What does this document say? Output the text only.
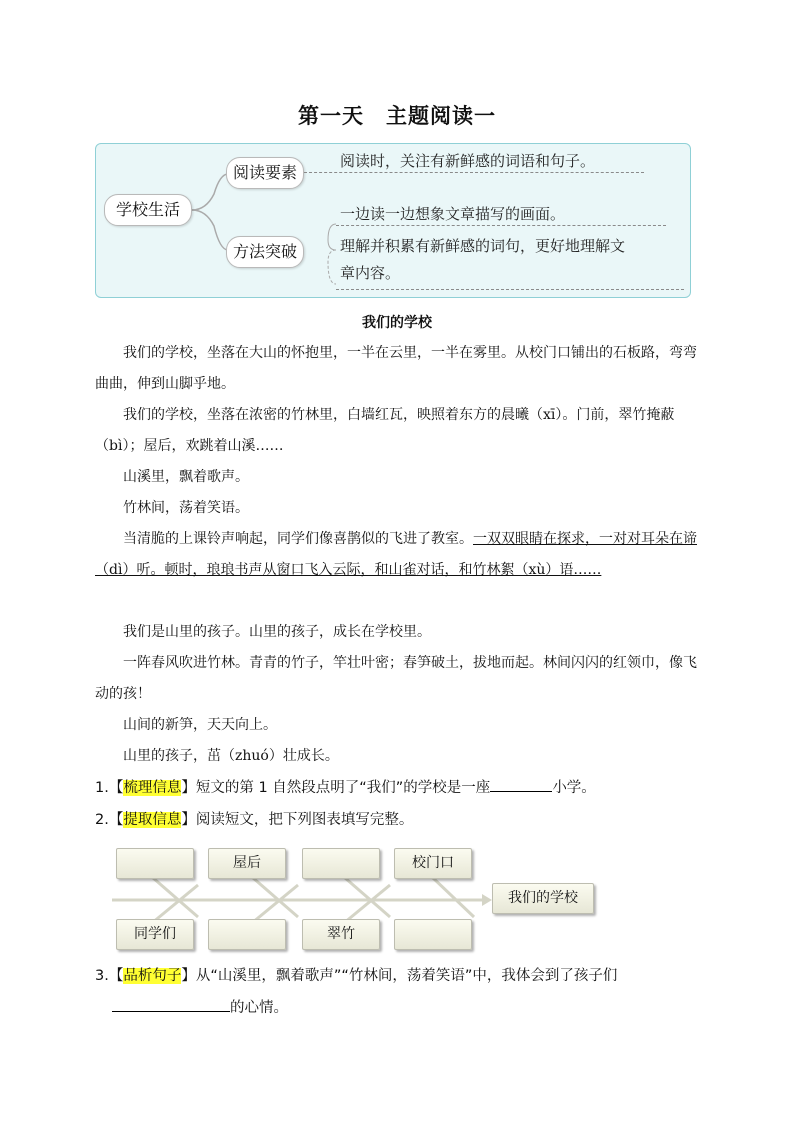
第一天　主题阅读一
学校生活
阅读要素
方法突破
阅读时，关注有新鲜感的词语和句子。
一边读一边想象文章描写的画面。
理解并积累有新鲜感的词句，更好地理解文
章内容。
我们的学校

我们的学校，坐落在大山的怀抱里，一半在云里，一半在雾里。从校门口铺出的石板路，弯弯曲曲，伸到山脚乎地。

我们的学校，坐落在浓密的竹林里，白墙红瓦，映照着东方的晨曦（xī）。门前，翠竹掩蔽（bì）；屋后，欢跳着山溪……

山溪里，飘着歌声。

竹林间，荡着笑语。

当清脆的上课铃声响起，同学们像喜鹊似的飞进了教室。一双双眼睛在探求，一对对耳朵在谛（dì）听。顿时，琅琅书声从窗口飞入云际，和山雀对话，和竹林絮（xù）语……

我们是山里的孩子。山里的孩子，成长在学校里。

一阵春风吹进竹林。青青的竹子，竿壮叶密；春笋破土，拔地而起。林间闪闪的红领巾，像飞动的孩！

山间的新笋，天天向上。

山里的孩子，茁（zhuó）壮成长。

1.【梳理信息】短文的第 1 自然段点明了“我们”的学校是一座	小学。

2.【提取信息】阅读短文，把下列图表填写完整。

屋后	校门口
同学们	翠竹
我们的学校

3.【品析句子】从“山溪里，飘着歌声”“竹林间，荡着笑语”中，我体会到了孩子们

的心情。
